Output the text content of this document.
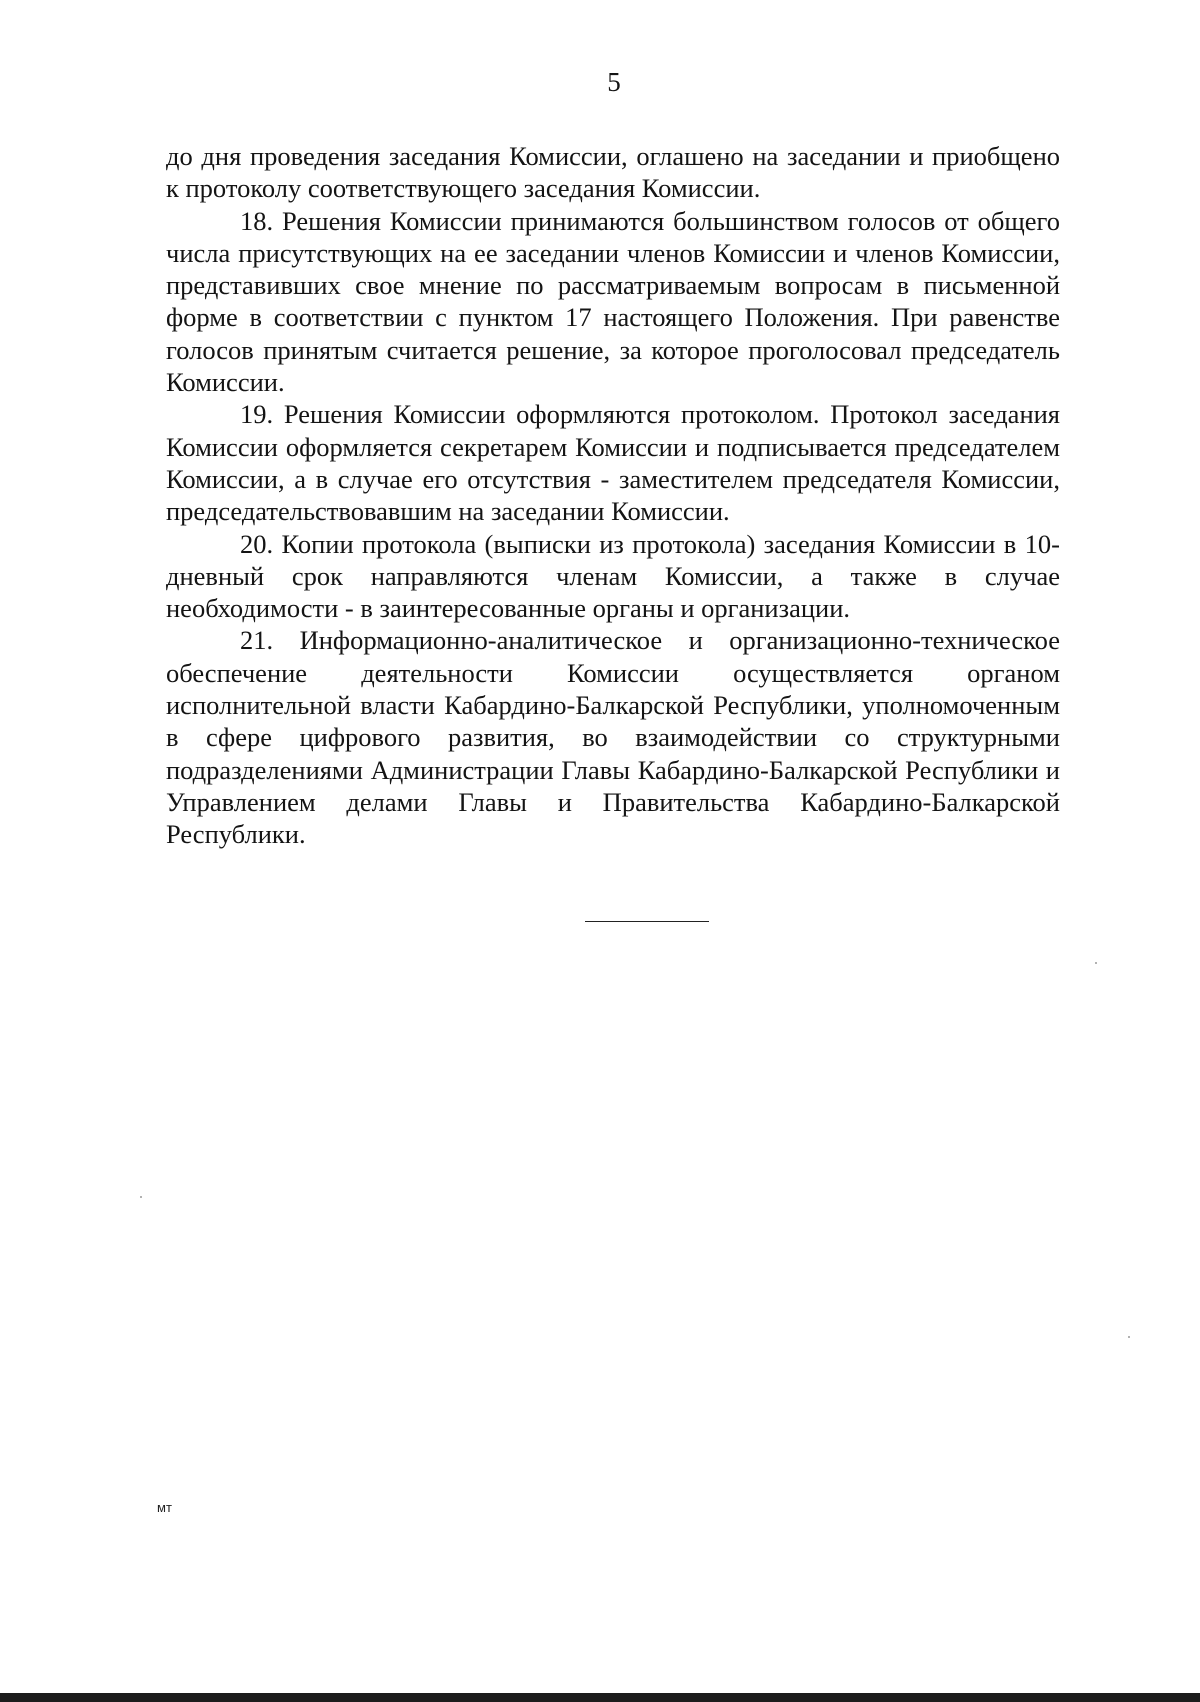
5

до дня проведения заседания Комиссии, оглашено на заседании и приобщено к протоколу соответствующего заседания Комиссии.

18. Решения Комиссии принимаются большинством голосов от общего числа присутствующих на ее заседании членов Комиссии и членов Комиссии, представивших свое мнение по рассматриваемым вопросам в письменной форме в соответствии с пунктом 17 настоящего Положения. При равенстве голосов принятым считается решение, за которое проголосовал председатель Комиссии.

19. Решения Комиссии оформляются протоколом. Протокол заседания Комиссии оформляется секретарем Комиссии и подписывается председателем Комиссии, а в случае его отсутствия - заместителем председателя Комиссии, председательствовавшим на заседании Комиссии.

20. Копии протокола (выписки из протокола) заседания Комиссии в 10-дневный срок направляются членам Комиссии, а также в случае необходимости - в заинтересованные органы и организации.

21. Информационно-аналитическое и организационно-техническое обеспечение деятельности Комиссии осуществляется органом исполнительной власти Кабардино-Балкарской Республики, уполномоченным в сфере цифрового развития, во взаимодействии со структурными подразделениями Администрации Главы Кабардино-Балкарской Республики и Управлением делами Главы и Правительства Кабардино-Балкарской Республики.

мт
